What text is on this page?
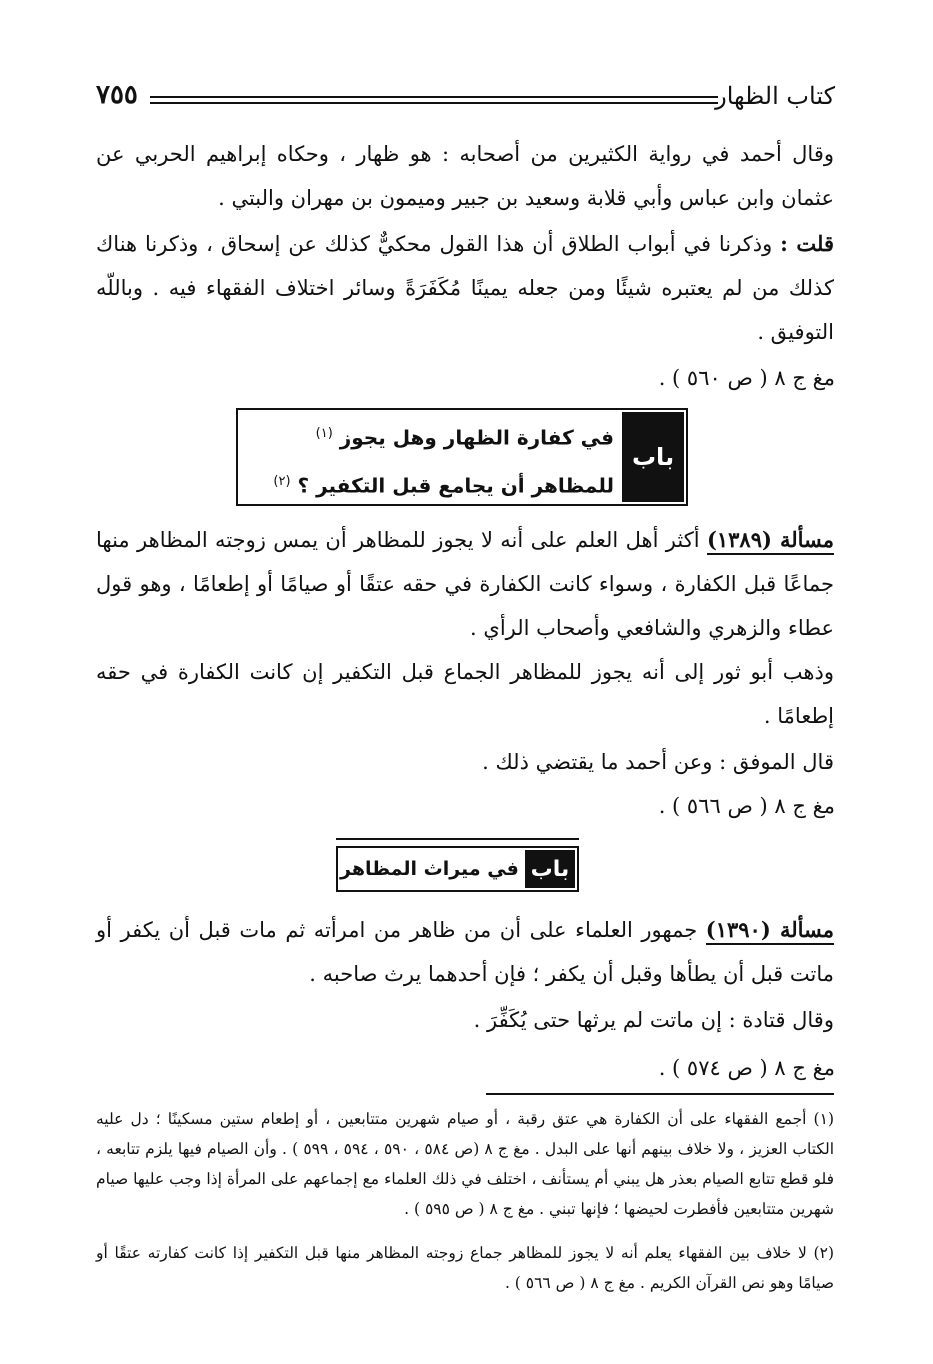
كتاب الظهار
٧٥٥
وقال أحمد في رواية الكثيرين من أصحابه : هو ظهار ، وحكاه إبراهيم الحربي عن عثمان وابن عباس وأبي قلابة وسعيد بن جبير وميمون بن مهران والبتي .
قلت : وذكرنا في أبواب الطلاق أن هذا القول محكيٌّ كذلك عن إسحاق ، وذكرنا هناك كذلك من لم يعتبره شيئًا ومن جعله يمينًا مُكَفَرَةً وسائر اختلاف الفقهاء فيه . وباللّه التوفيق .
مغ ج ٨ ( ص ٥٦٠ ) .
باب
في كفارة الظهار وهل يجوز $^{(١)}$
للمظاهر أن يجامع قبل التكفير ؟ $^{(٢)}$
مسألة (١٣٨٩) أكثر أهل العلم على أنه لا يجوز للمظاهر أن يمس زوجته المظاهر منها جماعًا قبل الكفارة ، وسواء كانت الكفارة في حقه عتقًا أو صيامًا أو إطعامًا ، وهو قول عطاء والزهري والشافعي وأصحاب الرأي .
وذهب أبو ثور إلى أنه يجوز للمظاهر الجماع قبل التكفير إن كانت الكفارة في حقه إطعامًا .
قال الموفق : وعن أحمد ما يقتضي ذلك .
مغ ج ٨ ( ص ٥٦٦ ) .
باب
في ميراث المظاهر
مسألة (١٣٩٠) جمهور العلماء على أن من ظاهر من امرأته ثم مات قبل أن يكفر أو ماتت قبل أن يطأها وقبل أن يكفر ؛ فإن أحدهما يرث صاحبه .
وقال قتادة : إن ماتت لم يرثها حتى يُكَفِّرَ .
مغ ج ٨ ( ص ٥٧٤ ) .
(١) أجمع الفقهاء على أن الكفارة هي عتق رقبة ، أو صيام شهرين متتابعين ، أو إطعام ستين مسكينًا ؛ دل عليه الكتاب العزيز ، ولا خلاف بينهم أنها على البدل . مغ ج ٨ (ص ٥٨٤ ، ٥٩٠ ، ٥٩٤ ، ٥٩٩ ) . وأن الصيام فيها يلزم تتابعه ، فلو قطع تتابع الصيام بعذر هل يبني أم يستأنف ، اختلف في ذلك العلماء مع إجماعهم على المرأة إذا وجب عليها صيام شهرين متتابعين فأفطرت لحيضها ؛ فإنها تبني . مغ ج ٨ ( ص ٥٩٥ ) .
(٢) لا خلاف بين الفقهاء يعلم أنه لا يجوز للمظاهر جماع زوجته المظاهر منها قبل التكفير إذا كانت كفارته عتقًا أو صيامًا وهو نص القرآن الكريم . مغ ج ٨ ( ص ٥٦٦ ) .
